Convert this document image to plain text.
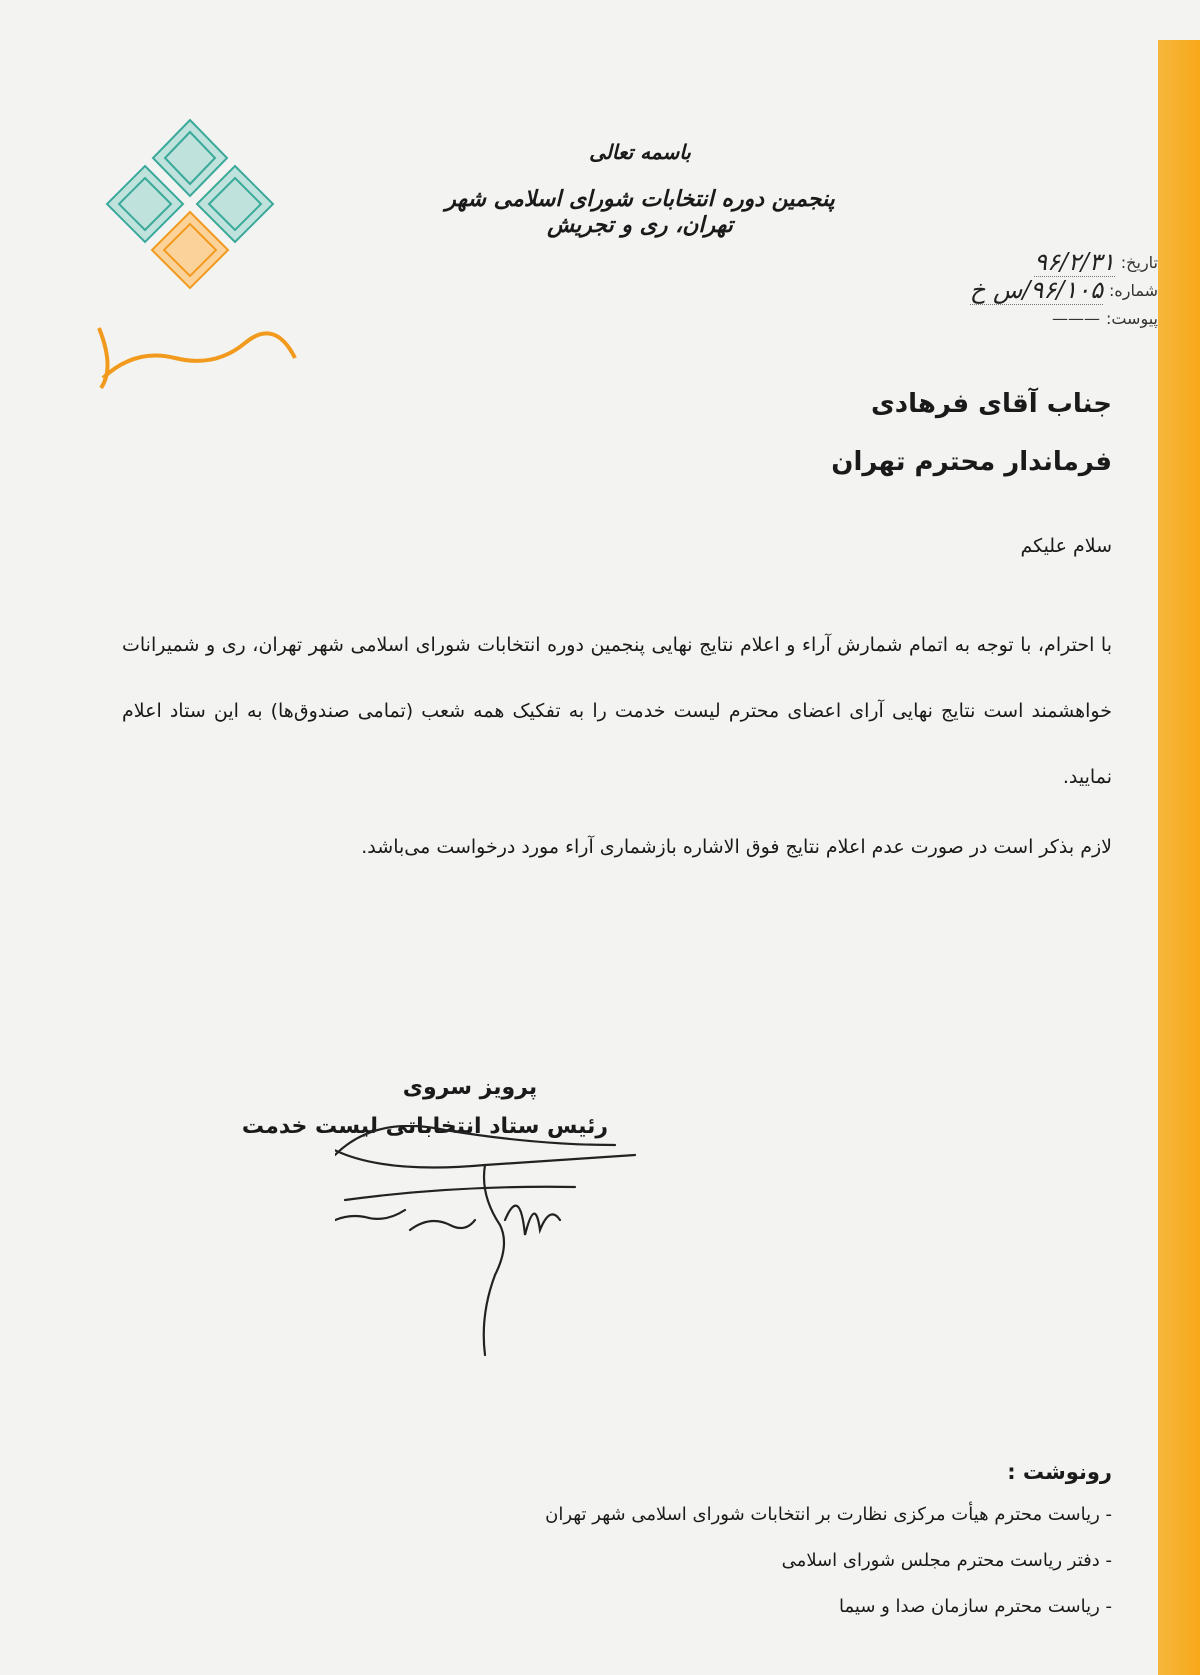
باسمه تعالی
پنجمین دوره انتخابات شورای اسلامی شهر تهران، ری و تجریش
تاریخ:
۹۶/۲/۳۱
شماره:
۹۶/۱۰۵/س خ
پیوست:
———
جناب آقای فرهادی
فرماندار محترم تهران
سلام علیکم
با احترام، با توجه به اتمام شمارش آراء و اعلام نتایج نهایی پنجمین دوره انتخابات شورای اسلامی شهر تهران، ری و شمیرانات خواهشمند است نتایج نهایی آرای اعضای محترم لیست خدمت را به تفکیک همه شعب (تمامی صندوق‌ها) به این ستاد اعلام نمایید.
لازم بذکر است در صورت عدم اعلام نتایج فوق الاشاره بازشماری آراء مورد درخواست می‌باشد.
پرویز سروی
رئیس ستاد انتخاباتی لیست خدمت
رونوشت :
- ریاست محترم هیأت مرکزی نظارت بر انتخابات شورای اسلامی شهر تهران
- دفتر ریاست محترم مجلس شورای اسلامی
- ریاست محترم سازمان صدا و سیما
